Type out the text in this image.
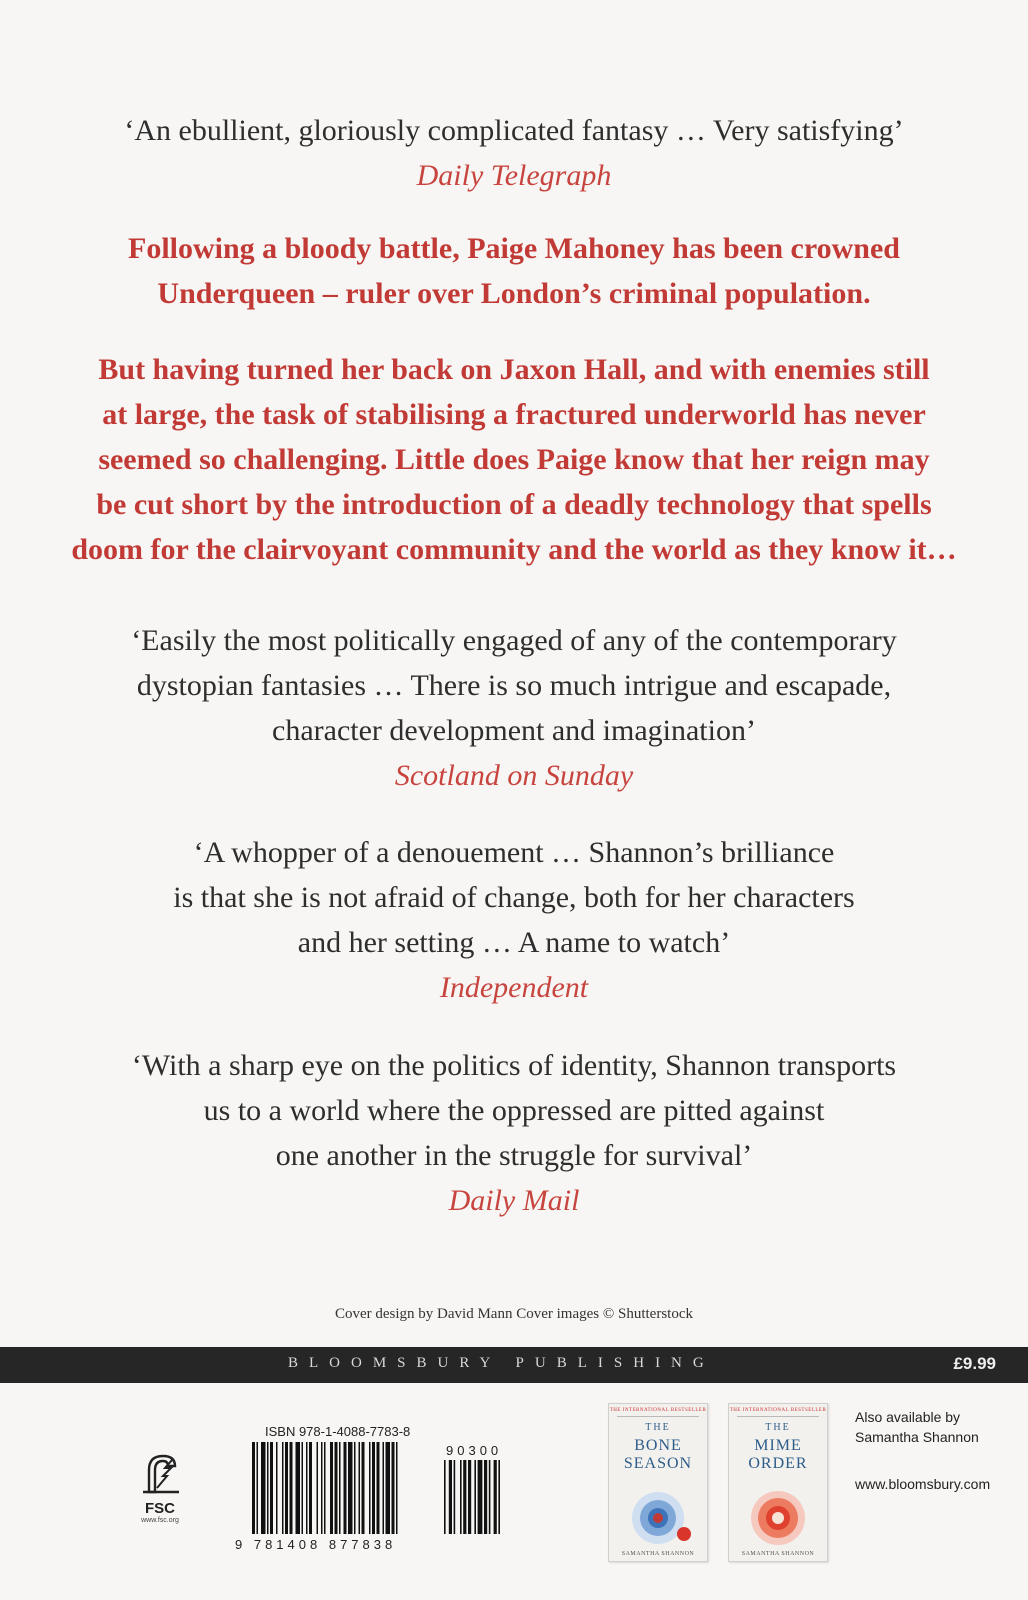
‘An ebullient, gloriously complicated fantasy … Very satisfying’
Daily Telegraph
Following a bloody battle, Paige Mahoney has been crowned
Underqueen – ruler over London’s criminal population.
But having turned her back on Jaxon Hall, and with enemies still
at large, the task of stabilising a fractured underworld has never
seemed so challenging. Little does Paige know that her reign may
be cut short by the introduction of a deadly technology that spells
doom for the clairvoyant community and the world as they know it…
‘Easily the most politically engaged of any of the contemporary
dystopian fantasies … There is so much intrigue and escapade,
character development and imagination’
Scotland on Sunday
‘A whopper of a denouement … Shannon’s brilliance
is that she is not afraid of change, both for her characters
and her setting … A name to watch’
Independent
‘With a sharp eye on the politics of identity, Shannon transports
us to a world where the oppressed are pitted against
one another in the struggle for survival’
Daily Mail
Cover design by David Mann Cover images © Shutterstock
BLOOMSBURY PUBLISHING	£9.99
FSC
www.fsc.org
ISBN 978-1-4088-7783-8
90300
9 781408 877838
THE INTERNATIONAL BESTSELLER
THE
BONE
SEASON
SAMANTHA SHANNON
THE INTERNATIONAL BESTSELLER
THE
MIME
ORDER
SAMANTHA SHANNON
Also available by
Samantha Shannon
www.bloomsbury.com
